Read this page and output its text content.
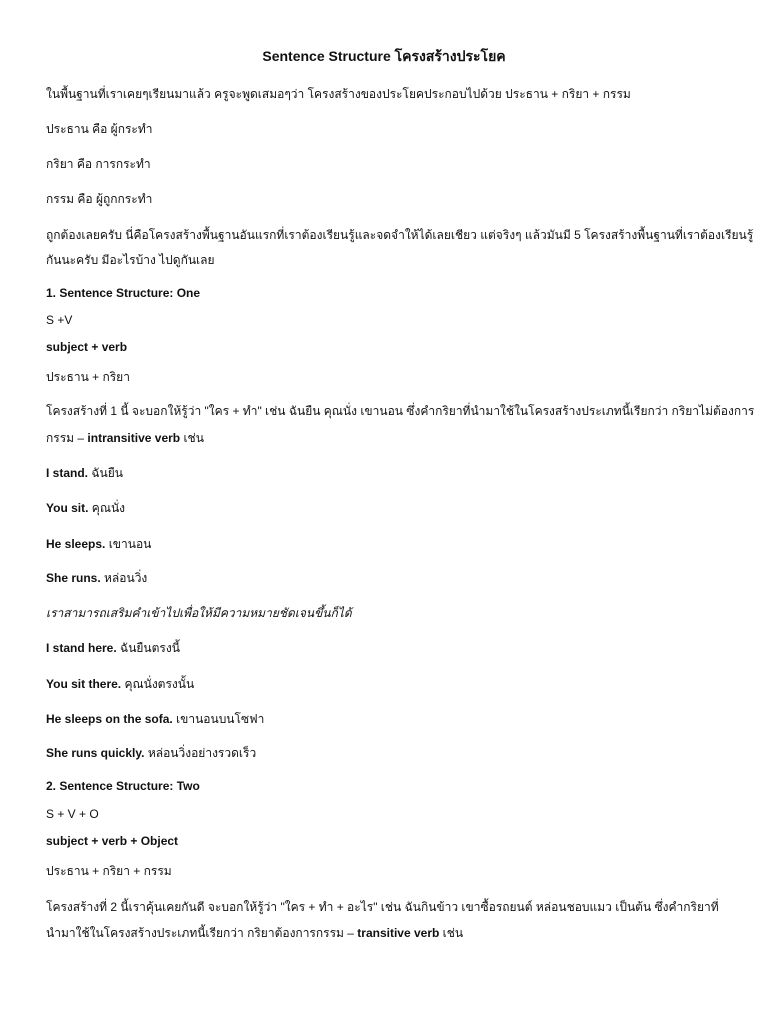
Sentence Structure โครงสร้างประโยค
ในพื้นฐานที่เราเคยๆเรียนมาแล้ว ครูจะพูดเสมอๆว่า โครงสร้างของประโยคประกอบไปด้วย ประธาน + กริยา + กรรม
ประธาน คือ ผู้กระทำ
กริยา คือ การกระทำ
กรรม คือ ผู้ถูกกระทำ
ถูกต้องเลยครับ นี่คือโครงสร้างพื้นฐานอันแรกที่เราต้องเรียนรู้และจดจำให้ได้เลยเชียว แต่จริงๆ แล้วมันมี 5 โครงสร้างพื้นฐานที่เราต้องเรียนรู้
กันนะครับ มีอะไรบ้าง ไปดูกันเลย
1. Sentence Structure: One
S +V
subject + verb
ประธาน + กริยา
โครงสร้างที่ 1 นี้ จะบอกให้รู้ว่า "ใคร + ทำ" เช่น ฉันยืน คุณนั่ง เขานอน ซึ่งคำกริยาที่นำมาใช้ในโครงสร้างประเภทนี้เรียกว่า กริยาไม่ต้องการ
กรรม – intransitive verb เช่น
I stand. ฉันยืน
You sit. คุณนั่ง
He sleeps. เขานอน
She runs. หล่อนวิ่ง
เราสามารถเสริมคำเข้าไปเพื่อให้มีความหมายชัดเจนขึ้นก็ได้
I stand here. ฉันยืนตรงนี้
You sit there. คุณนั่งตรงนั้น
He sleeps on the sofa. เขานอนบนโซฟา
She runs quickly. หล่อนวิ่งอย่างรวดเร็ว
2. Sentence Structure: Two
S + V + O
subject + verb + Object
ประธาน + กริยา + กรรม
โครงสร้างที่ 2 นี้เราคุ้นเคยกันดี จะบอกให้รู้ว่า "ใคร + ทำ + อะไร" เช่น ฉันกินข้าว เขาซื้อรถยนต์ หล่อนชอบแมว เป็นต้น ซึ่งคำกริยาที่
นำมาใช้ในโครงสร้างประเภทนี้เรียกว่า กริยาต้องการกรรม – transitive verb เช่น
